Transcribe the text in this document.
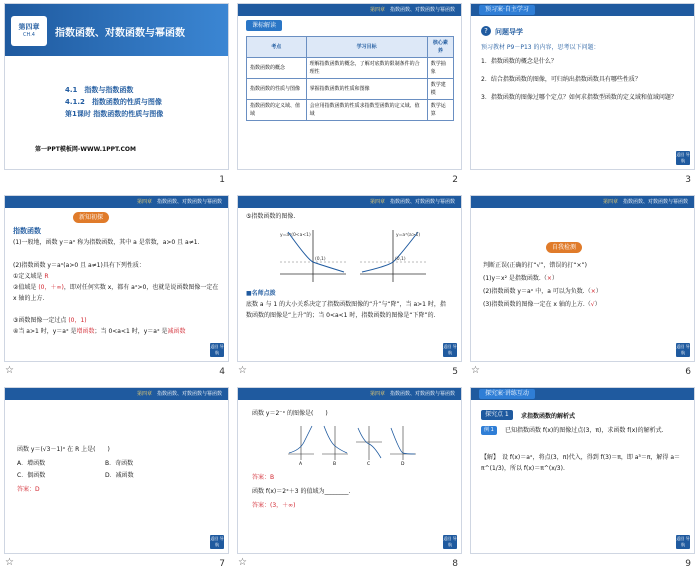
第四章
CH.4	指数函数、对数函数与幂函数
4.1　指数与指数函数
4.1.2　指数函数的性质与图像
第1课时 指数函数的性质与图像
第一PPT模板网-WWW.1PPT.COM
1
第四章　 指数函数、对数函数与幂函数
课标解读
考点	学习目标	核心素养
指数函数的概念	理解指数函数的概念，了解对底数的限制条件的合理性	数学抽象
指数函数的性质与图像	掌握指数函数的性质和图像	数学建模
指数函数的定义域、值域	会应用指数函数的性质求指数型函数的定义域、值域	数学运算
2
预习案·自主学习
?	问题导学
预习教材 P9－P13 的内容，思考以下问题：
1．指数函数的概念是什么？
2．结合指数函数的图像，可归纳出指数函数具有哪些性质？
3．指数函数的图像过哪个定点？如何求指数型函数的定义域和值域问题？
返回 导航
3
第四章　 指数函数、对数函数与幂函数
新知初探
指数函数
(1)一般地，函数 y＝aˣ 称为指数函数，其中 a 是常数，a>0 且 a≠1.
(2)指数函数 y＝aˣ(a>0 且 a≠1)具有下列性质：
①定义域是 R
②值域是 (0，＋∞)，即对任何实数 x，都有 aˣ>0，也就是说函数图像一定在 x 轴的上方.
③函数图像一定过点 (0，1)
④当 a>1 时，y＝aˣ 是增函数；当 0<a<1 时，y＝aˣ 是减函数
返回 导航
☆	4
第四章　 指数函数、对数函数与幂函数
⑤指数函数的图像.
y=aˣ(0<a<1)
(0,1)
y=aˣ(a>1)
(0,1)
■名师点拨
底数 a 与 1 的大小关系决定了指数函数图像的“升”与“降”，当 a>1 时，指数函数的图像是“上升”的；当 0<a<1 时，指数函数的图像是“下降”的.
返回 导航
☆	5
第四章　 指数函数、对数函数与幂函数
自我检测
判断正误(正确的打“√”，错误的打“×”)
(1)y＝x² 是指数函数.（×）
(2)指数函数 y＝aˣ 中，a 可以为负数.（×）
(3)指数函数的图像一定在 x 轴的上方.（√）
返回 导航
☆	6
第四章　 指数函数、对数函数与幂函数
函数 y＝(√3－1)ˣ 在 R 上是(　　)
A．增函数	B．奇函数
C．偶函数	D．减函数
答案：D
返回 导航
☆	7
第四章　 指数函数、对数函数与幂函数
函数 y＝2⁻ˣ 的图像是(　　)
A	B	C	D
答案：B
函数 f(x)＝2ˣ＋3 的值域为________.
答案：(3，＋∞)
返回 导航
☆	8
探究案·讲练互动
探究点 1	求指数函数的解析式
例 1	已知指数函数 f(x)的图像过点(3，π)，求函数 f(x)的解析式.
【解】　设 f(x)＝aˣ，将点(3，π)代入，得到 f(3)＝π，即 a³＝π，解得 a＝π^(1/3)，所以 f(x)＝π^(x/3).
返回 导航
9
